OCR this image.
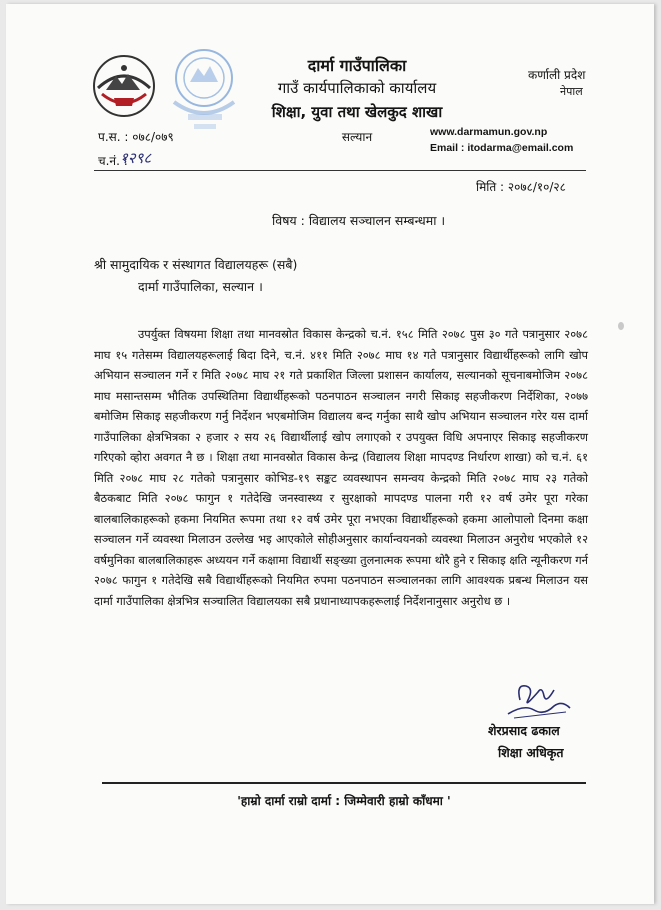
दार्मा गाउँपालिका
गाउँ कार्यपालिकाको कार्यालय
शिक्षा, युवा तथा खेलकुद शाखा
सल्यान
कर्णाली प्रदेश
नेपाल
www.darmamun.gov.np
Email : itodarma@email.com
प.स. : ०७८/०७९
च.नं. :
१२९८
मिति : २०७८/१०/२८
विषय : विद्यालय सञ्चालन सम्बन्धमा ।
श्री सामुदायिक र संस्थागत विद्यालयहरू (सबै)
दार्मा गाउँपालिका, सल्यान ।
उपर्युक्त विषयमा शिक्षा तथा मानवस्रोत विकास केन्द्रको च.नं. १५८ मिति २०७८ पुस ३० गते पत्रानुसार २०७८ माघ १५ गतेसम्म विद्यालयहरूलाई बिदा दिने, च.नं. ४११ मिति २०७८ माघ १४ गते पत्रानुसार विद्यार्थीहरूको लागि खोप अभियान सञ्चालन गर्ने र मिति २०७८ माघ २१ गते प्रकाशित जिल्ला प्रशासन कार्यालय, सल्यानको सूचनाबमोजिम २०७८ माघ मसान्तसम्म भौतिक उपस्थितिमा विद्यार्थीहरूको पठनपाठन सञ्चालन नगरी सिकाइ सहजीकरण निर्देशिका, २०७७ बमोजिम सिकाइ सहजीकरण गर्नु निर्देशन भएबमोजिम विद्यालय बन्द गर्नुका साथै खोप अभियान सञ्चालन गरेर यस दार्मा गाउँपालिका क्षेत्रभित्रका २ हजार २ सय २६ विद्यार्थीलाई खोप लगाएको र उपयुक्त विधि अपनाएर सिकाइ सहजीकरण गरिएको व्होरा अवगत नै छ । शिक्षा तथा मानवस्रोत विकास केन्द्र (विद्यालय शिक्षा मापदण्ड निर्धारण शाखा) को च.नं. ६१ मिति २०७८ माघ २८ गतेको पत्रानुसार कोभिड-१९ सङ्कट व्यवस्थापन समन्वय केन्द्रको मिति २०७८ माघ २३ गतेको बैठकबाट मिति २०७८ फागुन १ गतेदेखि जनस्वास्थ्य र सुरक्षाको मापदण्ड पालना गरी १२ वर्ष उमेर पूरा गरेका बालबालिकाहरूको हकमा नियमित रूपमा तथा १२ वर्ष उमेर पूरा नभएका विद्यार्थीहरूको हकमा आलोपालो दिनमा कक्षा सञ्चालन गर्ने व्यवस्था मिलाउन उल्लेख भइ आएकोले सोहीअनुसार कार्यान्वयनको व्यवस्था मिलाउन अनुरोध भएकोले १२ वर्षमुनिका बालबालिकाहरू अध्ययन गर्ने कक्षामा विद्यार्थी सङ्ख्या तुलनात्मक रूपमा थोरै हुने र सिकाइ क्षति न्यूनीकरण गर्न २०७८ फागुन १ गतेदेखि सबै विद्यार्थीहरूको नियमित रुपमा पठनपाठन सञ्चालनका लागि आवश्यक प्रबन्ध मिलाउन यस दार्मा गाउँपालिका क्षेत्रभित्र सञ्चालित विद्यालयका सबै प्रधानाध्यापकहरूलाई निर्देशनानुसार अनुरोध छ ।
शेरप्रसाद ढकाल
शिक्षा अधिकृत
'हाम्रो दार्मा राम्रो दार्मा : जिम्मेवारी हाम्रो काँधमा '
